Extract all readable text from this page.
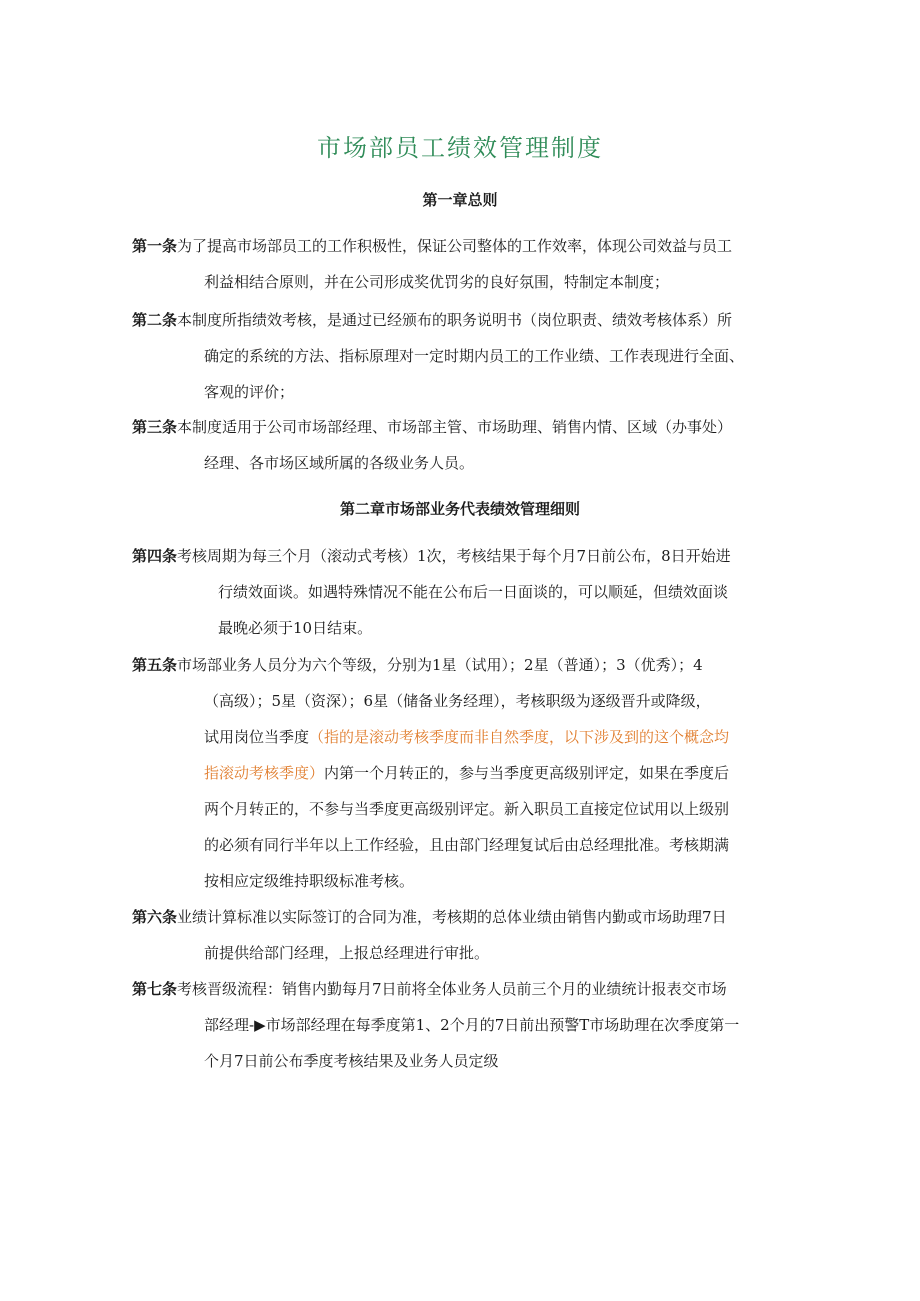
市场部员工绩效管理制度
第一章总则
第一条为了提高市场部员工的工作积极性，保证公司整体的工作效率，体现公司效益与员工
利益相结合原则，并在公司形成奖优罚劣的良好氛围，特制定本制度；
第二条本制度所指绩效考核，是通过已经颁布的职务说明书（岗位职责、绩效考核体系）所
确定的系统的方法、指标原理对一定时期内员工的工作业绩、工作表现进行全面、
客观的评价；
第三条本制度适用于公司市场部经理、市场部主管、市场助理、销售内情、区域（办事处）
经理、各市场区域所属的各级业务人员。
第二章市场部业务代表绩效管理细则
第四条考核周期为每三个月（滚动式考核）1次，考核结果于每个月7日前公布，8日开始进
行绩效面谈。如遇特殊情况不能在公布后一日面谈的，可以顺延，但绩效面谈
最晚必须于10日结束。
第五条市场部业务人员分为六个等级，分别为1星（试用）；2星（普通）；3（优秀）；4
（高级）；5星（资深）；6星（储备业务经理），考核职级为逐级晋升或降级，
试用岗位当季度（指的是滚动考核季度而非自然季度，以下涉及到的这个概念均
指滚动考核季度）内第一个月转正的，参与当季度更高级别评定，如果在季度后
两个月转正的，不参与当季度更高级别评定。新入职员工直接定位试用以上级别
的必须有同行半年以上工作经验，且由部门经理复试后由总经理批准。考核期满
按相应定级维持职级标准考核。
第六条业绩计算标准以实际签订的合同为准，考核期的总体业绩由销售内勤或市场助理7日
前提供给部门经理，上报总经理进行审批。
第七条考核晋级流程：销售内勤每月7日前将全体业务人员前三个月的业绩统计报表交市场
部经理-▶市场部经理在每季度第1、2个月的7日前出预警T市场助理在次季度第一
个月7日前公布季度考核结果及业务人员定级
